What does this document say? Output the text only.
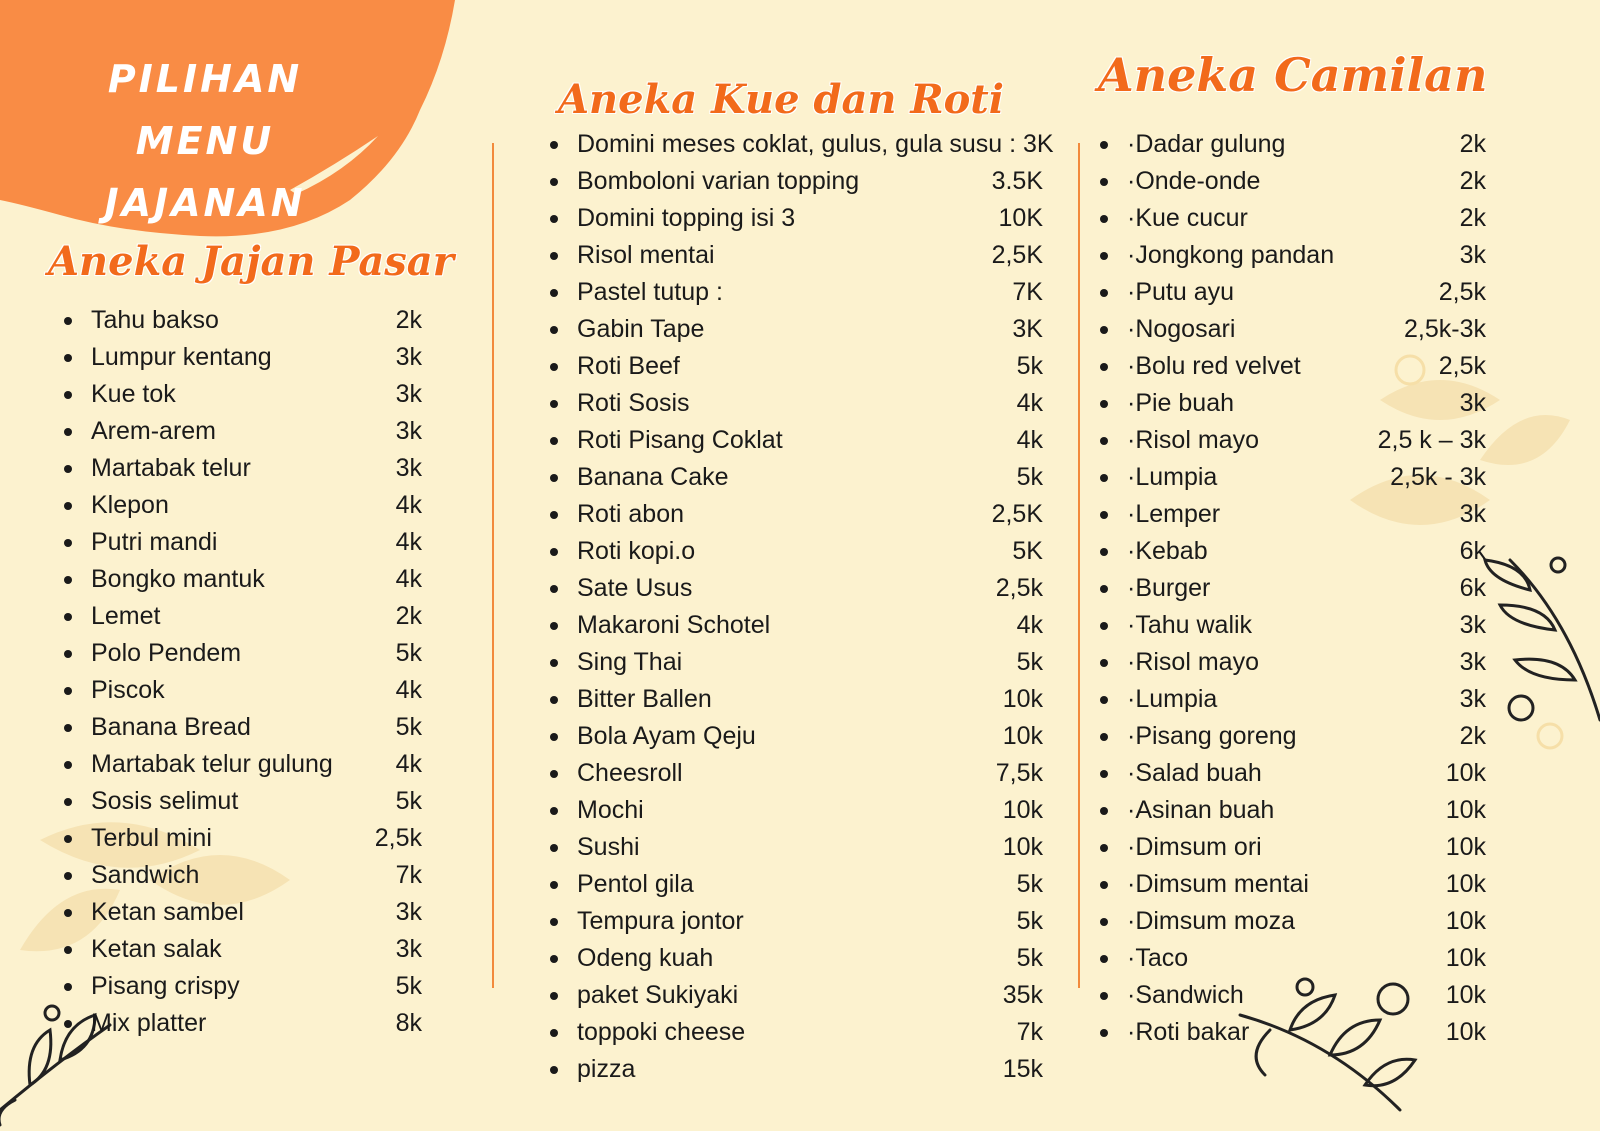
PILIHAN MENU
JAJANAN
Aneka Jajan Pasar
Aneka Kue dan Roti Aneka Camilan
Tahu bakso	2k
Lumpur kentang	3k
Kue tok	3k
Arem-arem	3k
Martabak telur	3k
Klepon	4k
Putri mandi	4k
Bongko mantuk	4k
Lemet	2k
Polo Pendem	5k
Piscok	4k
Banana Bread	5k
Martabak telur gulung	4k
Sosis selimut	5k
Terbul mini	2,5k
Sandwich	7k
Ketan sambel	3k
Ketan salak	3k
Pisang crispy	5k
Mix platter	8k
Domini meses coklat, gulus, gula susu : 3K
Bomboloni varian topping	3.5K
Domini topping isi 3	10K
Risol mentai	2,5K
Pastel tutup :	7K
Gabin Tape	3K
Roti Beef	5k
Roti Sosis	4k
Roti Pisang Coklat	4k
Banana Cake	5k
Roti abon	2,5K
Roti kopi.o	5K
Sate Usus	2,5k
Makaroni Schotel	4k
Sing Thai	5k
Bitter Ballen	10k
Bola Ayam Qeju	10k
Cheesroll	7,5k
Mochi	10k
Sushi	10k
Pentol gila	5k
Tempura jontor	5k
Odeng kuah	5k
paket Sukiyaki	35k
toppoki cheese	7k
pizza	15k
·Dadar gulung	2k
·Onde-onde	2k
·Kue cucur	2k
·Jongkong pandan	3k
·Putu ayu	2,5k
·Nogosari	2,5k-3k
·Bolu red velvet	2,5k
·Pie buah	3k
·Risol mayo	2,5 k – 3k
·Lumpia	2,5k - 3k
·Lemper	3k
·Kebab	6k
·Burger	6k
·Tahu walik	3k
·Risol mayo	3k
·Lumpia	3k
·Pisang goreng	2k
·Salad buah	10k
·Asinan buah	10k
·Dimsum ori	10k
·Dimsum mentai	10k
·Dimsum moza	10k
·Taco	10k
·Sandwich	10k
·Roti bakar	10k
